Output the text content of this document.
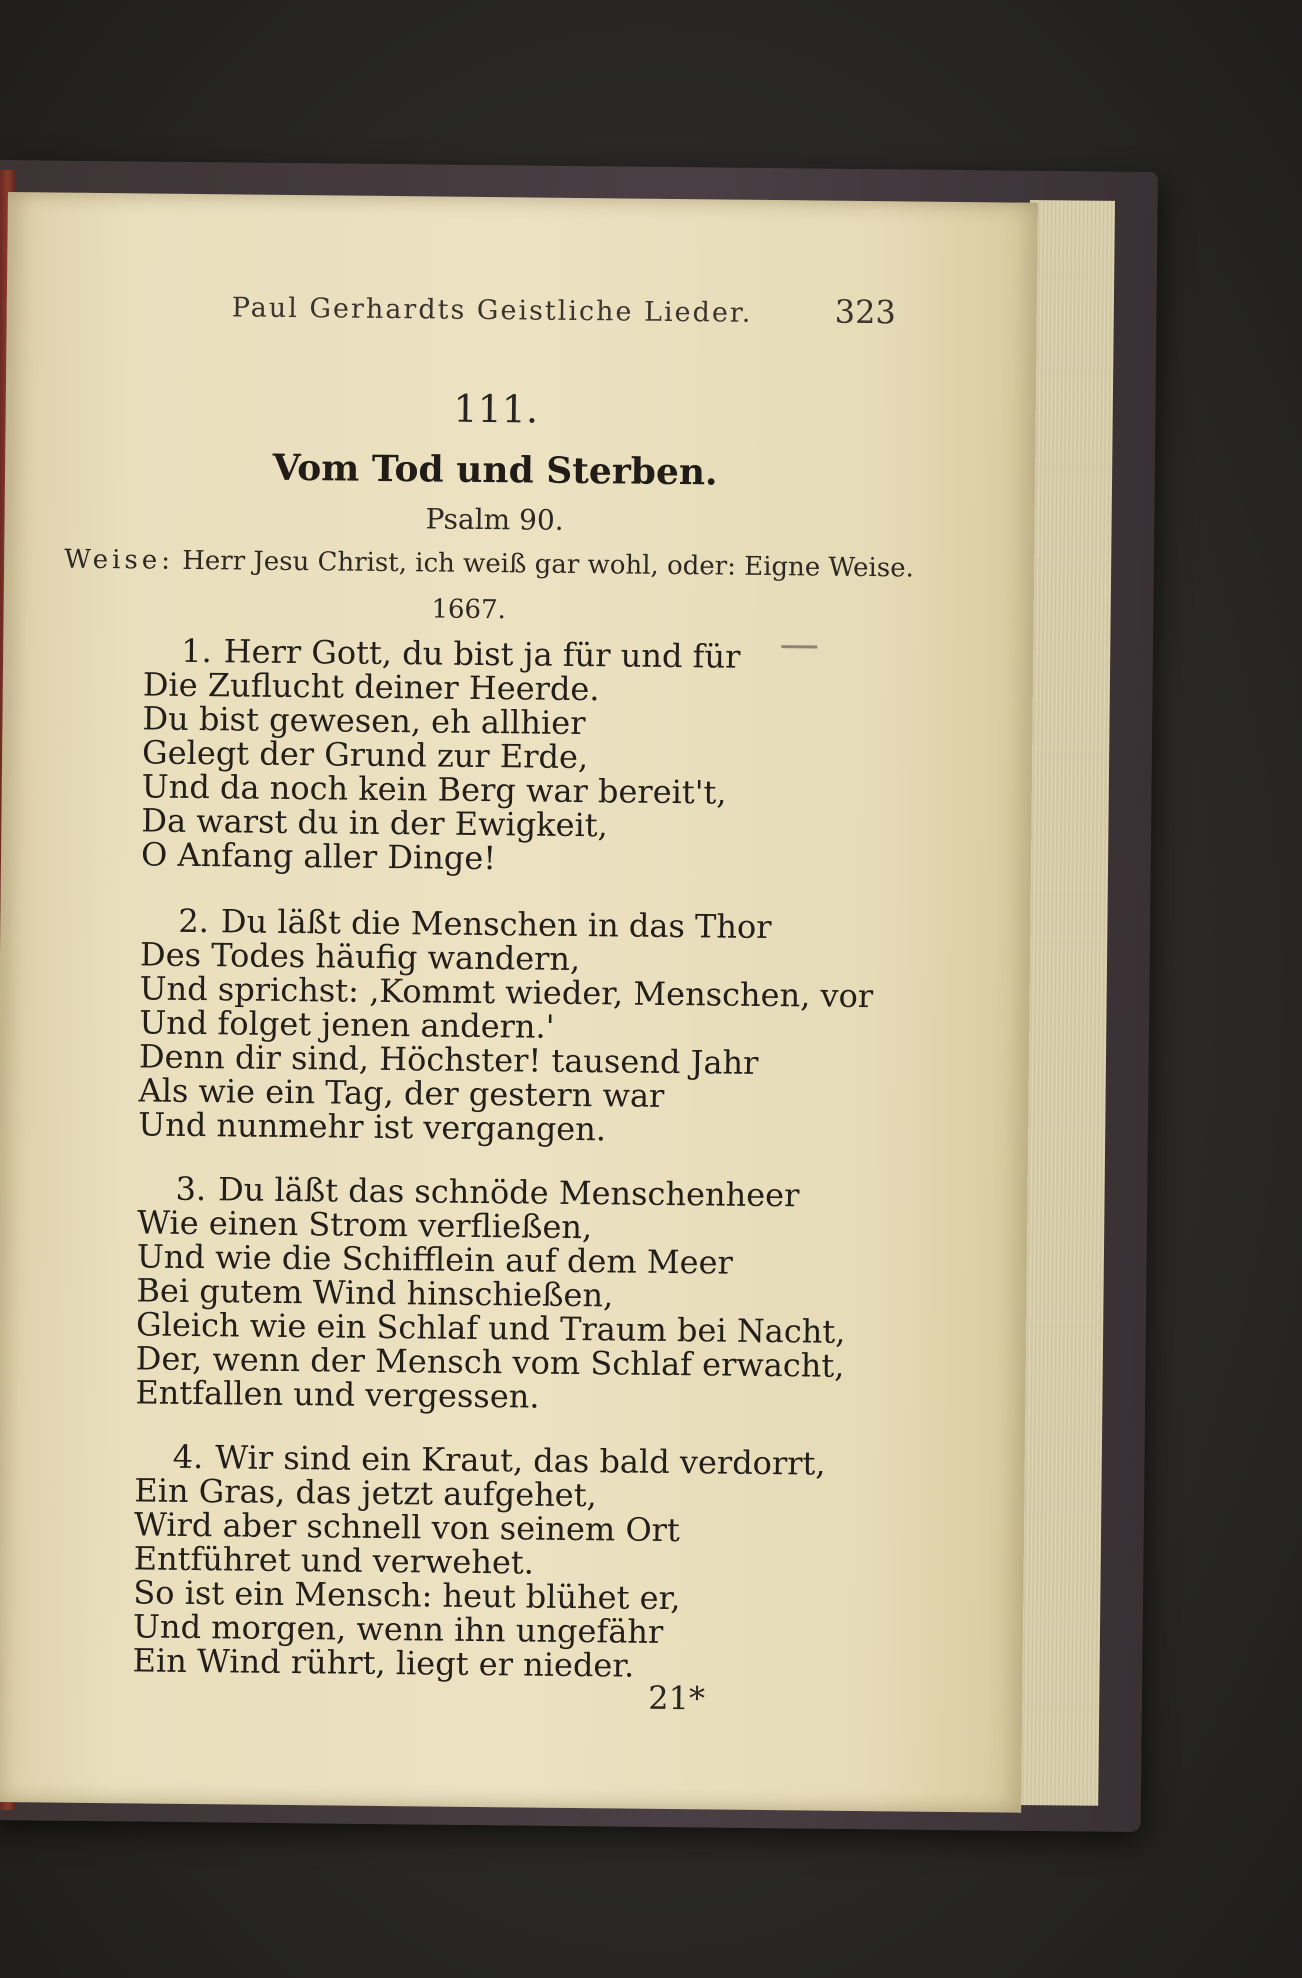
Paul Gerhardts Geistliche Lieder.	323
111.
Vom Tod und Sterben.
Psalm 90.
Weise: Herr Jesu Christ, ich weiß gar wohl, oder: Eigne Weise.
1667.
1. Herr Gott, du bist ja für und für
Die Zuflucht deiner Heerde.
Du bist gewesen, eh allhier
Gelegt der Grund zur Erde,
Und da noch kein Berg war bereit't,
Da warst du in der Ewigkeit,
O Anfang aller Dinge!
2. Du läßt die Menschen in das Thor
Des Todes häufig wandern,
Und sprichst: ‚Kommt wieder, Menschen, vor
Und folget jenen andern.'
Denn dir sind, Höchster! tausend Jahr
Als wie ein Tag, der gestern war
Und nunmehr ist vergangen.
3. Du läßt das schnöde Menschenheer
Wie einen Strom verfließen,
Und wie die Schifflein auf dem Meer
Bei gutem Wind hinschießen,
Gleich wie ein Schlaf und Traum bei Nacht,
Der, wenn der Mensch vom Schlaf erwacht,
Entfallen und vergessen.
4. Wir sind ein Kraut, das bald verdorrt,
Ein Gras, das jetzt aufgehet,
Wird aber schnell von seinem Ort
Entführet und verwehet.
So ist ein Mensch: heut blühet er,
Und morgen, wenn ihn ungefähr
Ein Wind rührt, liegt er nieder.
21*
